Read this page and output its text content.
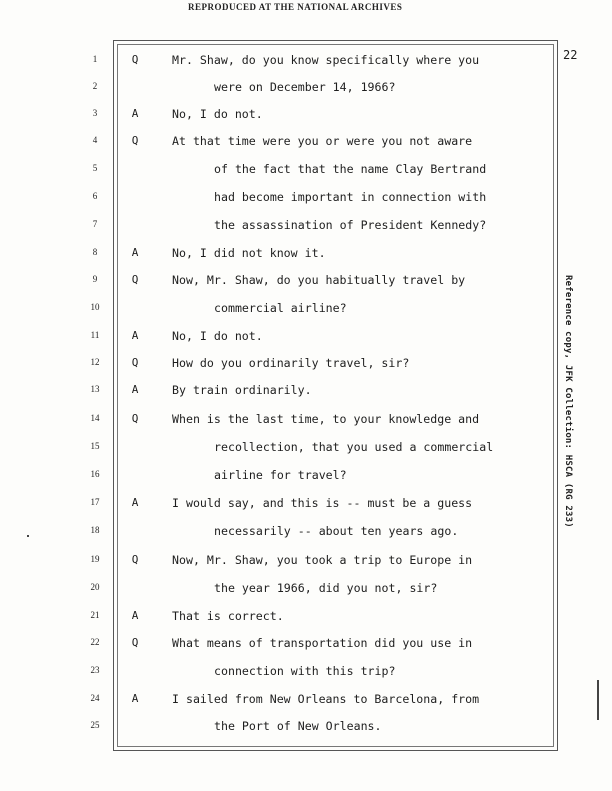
REPRODUCED AT THE NATIONAL ARCHIVES
22
Reference copy, JFK Collection: HSCA (RG 233)
1
2
3
4
5
6
7
8
9
10
11
12
13
14
15
16
17
18
19
20
21
22
23
24
25
Q
A
Q
A
Q
A
Q
A
Q
A
Q
A
Q
A
Mr. Shaw, do you know specifically where you
were on December 14, 1966?
No, I do not.
At that time were you or were you not aware
of the fact that the name Clay Bertrand
had become important in connection with
the assassination of President Kennedy?
No, I did not know it.
Now, Mr. Shaw, do you habitually travel by
commercial airline?
No, I do not.
How do you ordinarily travel, sir?
By train ordinarily.
When is the last time, to your knowledge and
recollection, that you used a commercial
airline for travel?
I would say, and this is -- must be a guess
necessarily -- about ten years ago.
Now, Mr. Shaw, you took a trip to Europe in
the year 1966, did you not, sir?
That is correct.
What means of transportation did you use in
connection with this trip?
I sailed from New Orleans to Barcelona, from
the Port of New Orleans.
